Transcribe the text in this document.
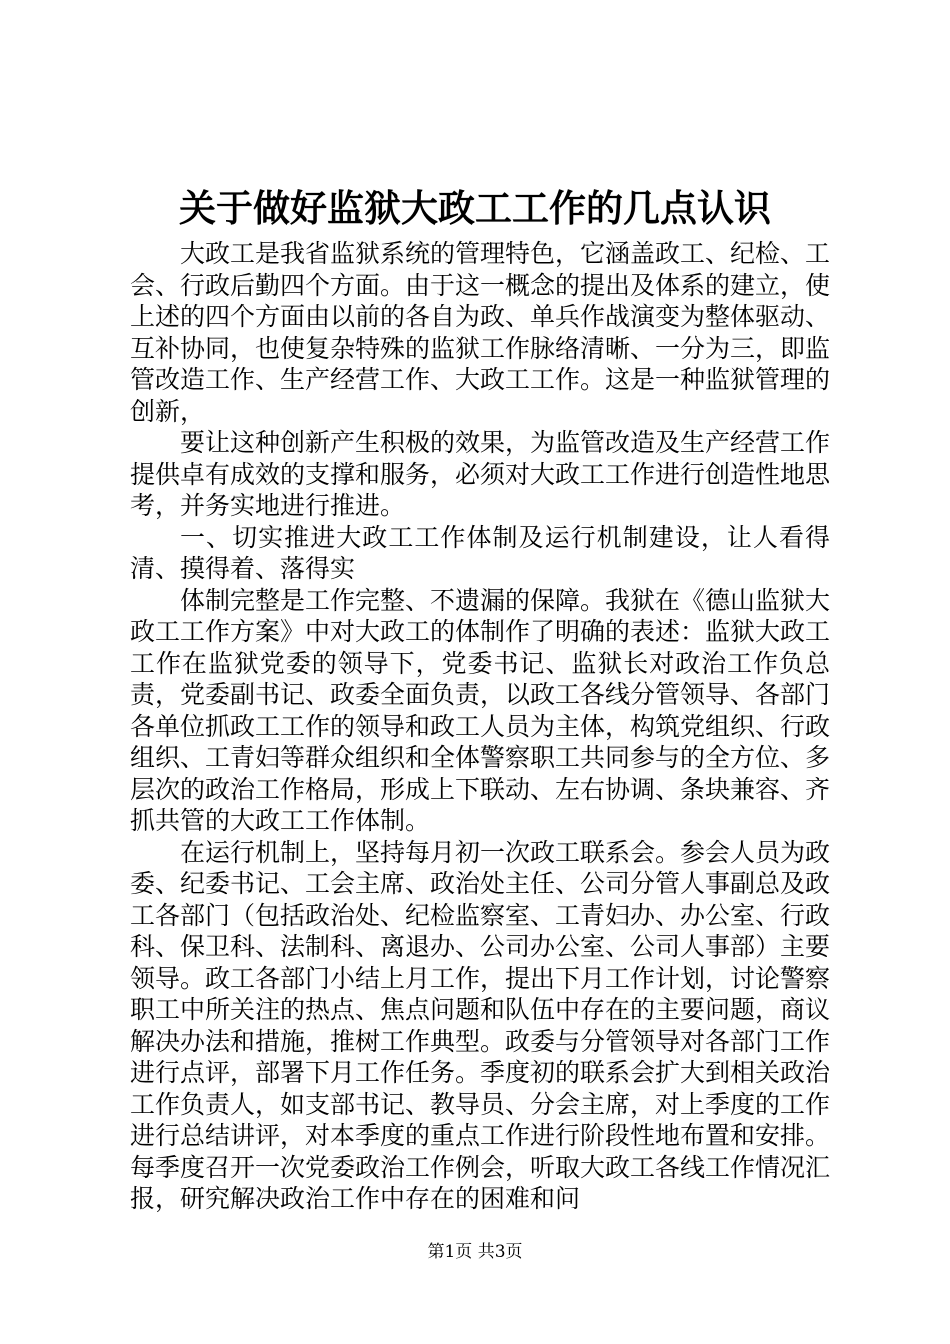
关于做好监狱大政工工作的几点认识

大政工是我省监狱系统的管理特色，它涵盖政工、纪检、工会、行政后勤四个方面。由于这一概念的提出及体系的建立，使上述的四个方面由以前的各自为政、单兵作战演变为整体驱动、互补协同，也使复杂特殊的监狱工作脉络清晰、一分为三，即监管改造工作、生产经营工作、大政工工作。这是一种监狱管理的创新，

要让这种创新产生积极的效果，为监管改造及生产经营工作提供卓有成效的支撑和服务，必须对大政工工作进行创造性地思考，并务实地进行推进。

一、切实推进大政工工作体制及运行机制建设，让人看得清、摸得着、落得实

体制完整是工作完整、不遗漏的保障。我狱在《德山监狱大政工工作方案》中对大政工的体制作了明确的表述：监狱大政工工作在监狱党委的领导下，党委书记、监狱长对政治工作负总责，党委副书记、政委全面负责，以政工各线分管领导、各部门各单位抓政工工作的领导和政工人员为主体，构筑党组织、行政组织、工青妇等群众组织和全体警察职工共同参与的全方位、多层次的政治工作格局，形成上下联动、左右协调、条块兼容、齐抓共管的大政工工作体制。

在运行机制上，坚持每月初一次政工联系会。参会人员为政委、纪委书记、工会主席、政治处主任、公司分管人事副总及政工各部门（包括政治处、纪检监察室、工青妇办、办公室、行政科、保卫科、法制科、离退办、公司办公室、公司人事部）主要领导。政工各部门小结上月工作，提出下月工作计划，讨论警察职工中所关注的热点、焦点问题和队伍中存在的主要问题，商议解决办法和措施，推树工作典型。政委与分管领导对各部门工作进行点评，部署下月工作任务。季度初的联系会扩大到相关政治工作负责人，如支部书记、教导员、分会主席，对上季度的工作进行总结讲评，对本季度的重点工作进行阶段性地布置和安排。每季度召开一次党委政治工作例会，听取大政工各线工作情况汇报，研究解决政治工作中存在的困难和问

第1页 共3页
